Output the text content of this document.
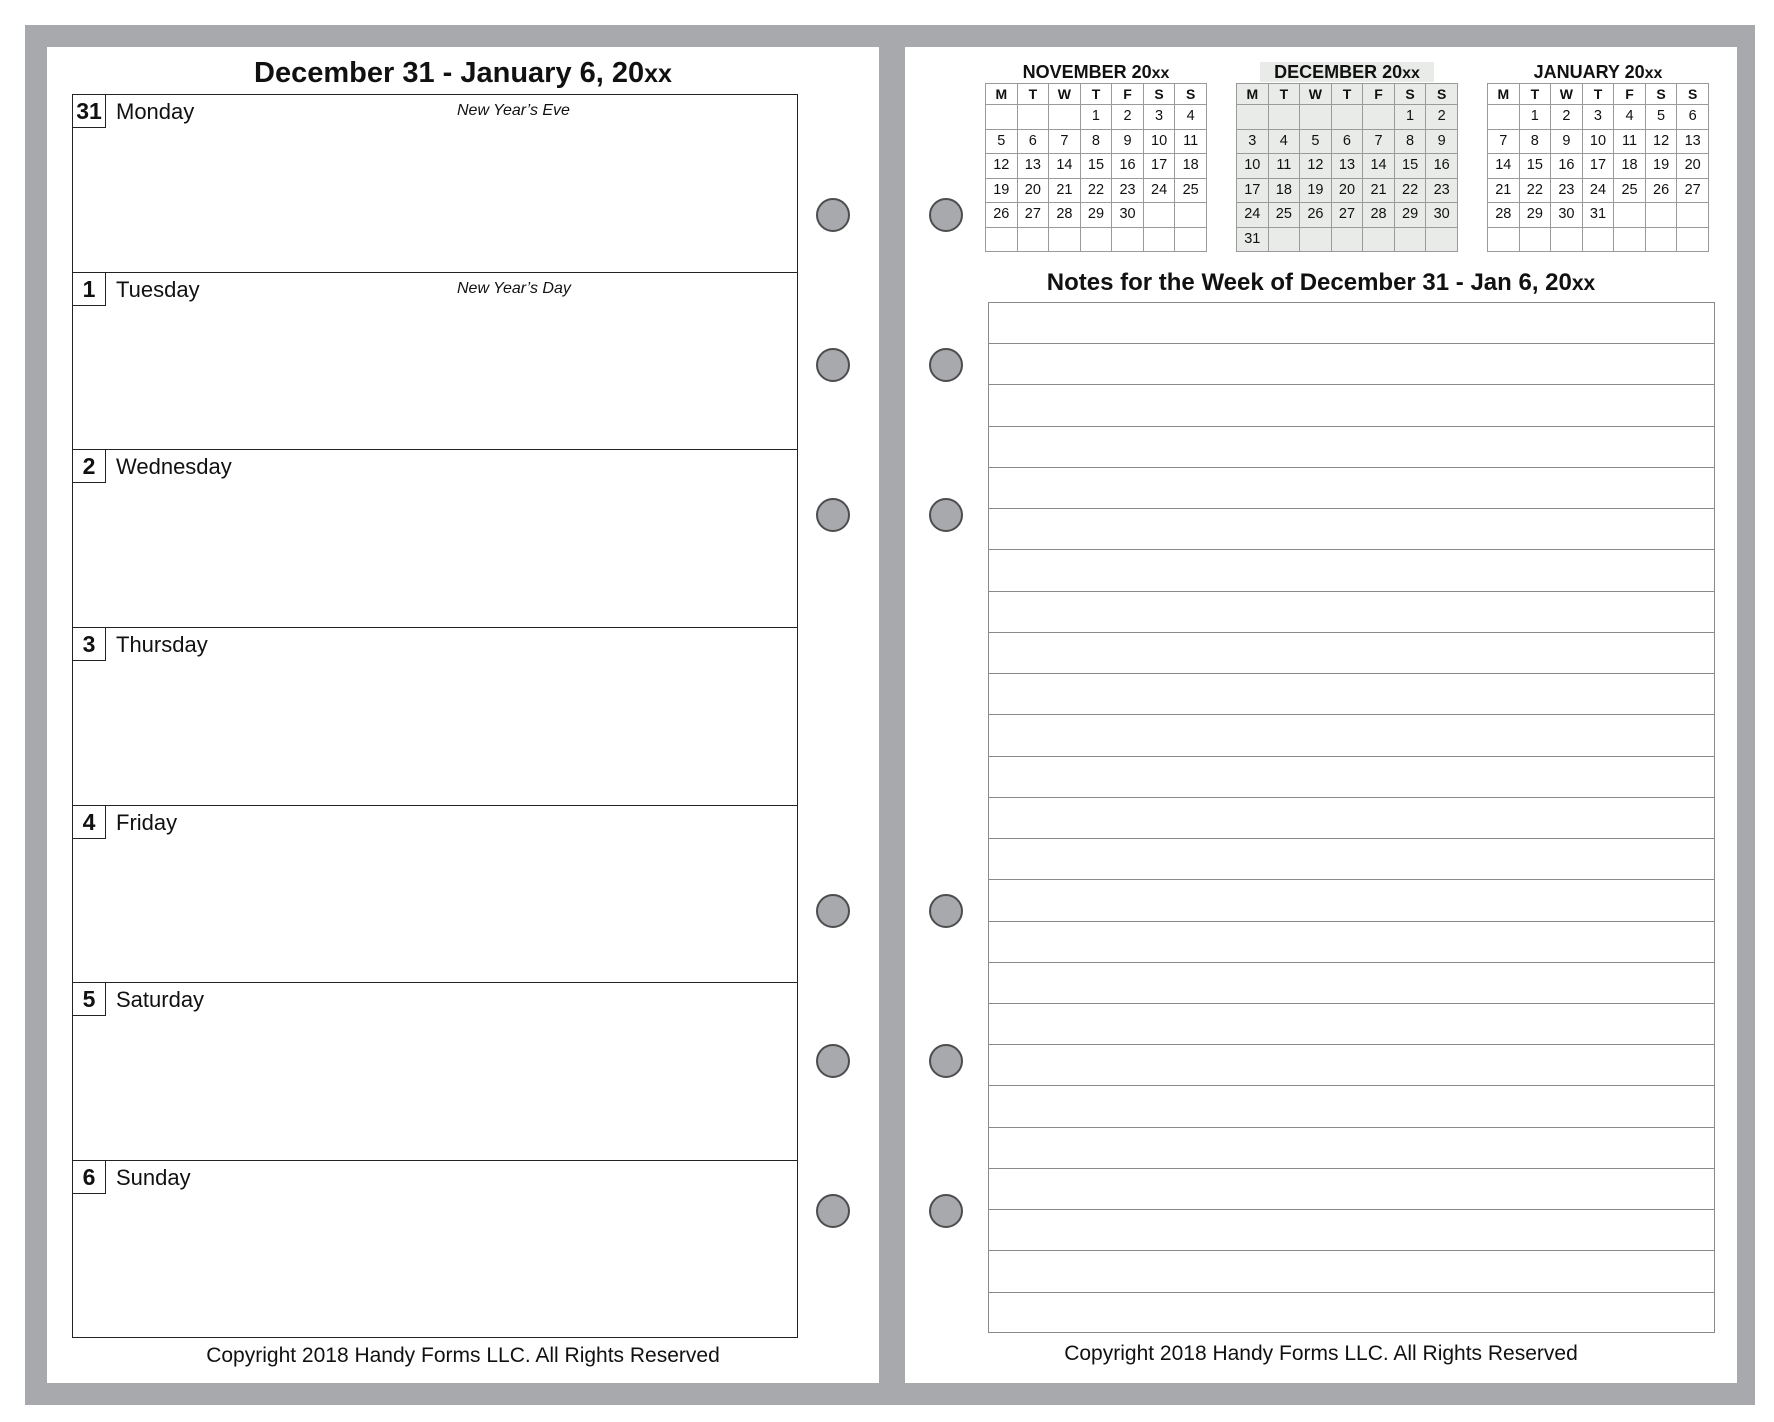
December 31 - January 6, 20xx
31 Monday	New Year’s Eve
1 Tuesday	New Year’s Day
2 Wednesday
3 Thursday
4 Friday
5 Saturday
6 Sunday
Copyright 2018 Handy Forms LLC. All Rights Reserved
NOVEMBER 20xx
M	T	W	T	F	S	S
			1	2	3	4
5	6	7	8	9	10	11
12	13	14	15	16	17	18
19	20	21	22	23	24	25
26	27	28	29	30		

DECEMBER 20xx
M	T	W	T	F	S	S
					1	2
3	4	5	6	7	8	9
10	11	12	13	14	15	16
17	18	19	20	21	22	23
24	25	26	27	28	29	30
31						
JANUARY 20xx
M	T	W	T	F	S	S
	1	2	3	4	5	6
7	8	9	10	11	12	13
14	15	16	17	18	19	20
21	22	23	24	25	26	27
28	29	30	31			

Notes for the Week of December 31 - Jan 6, 20xx
Copyright 2018 Handy Forms LLC. All Rights Reserved
